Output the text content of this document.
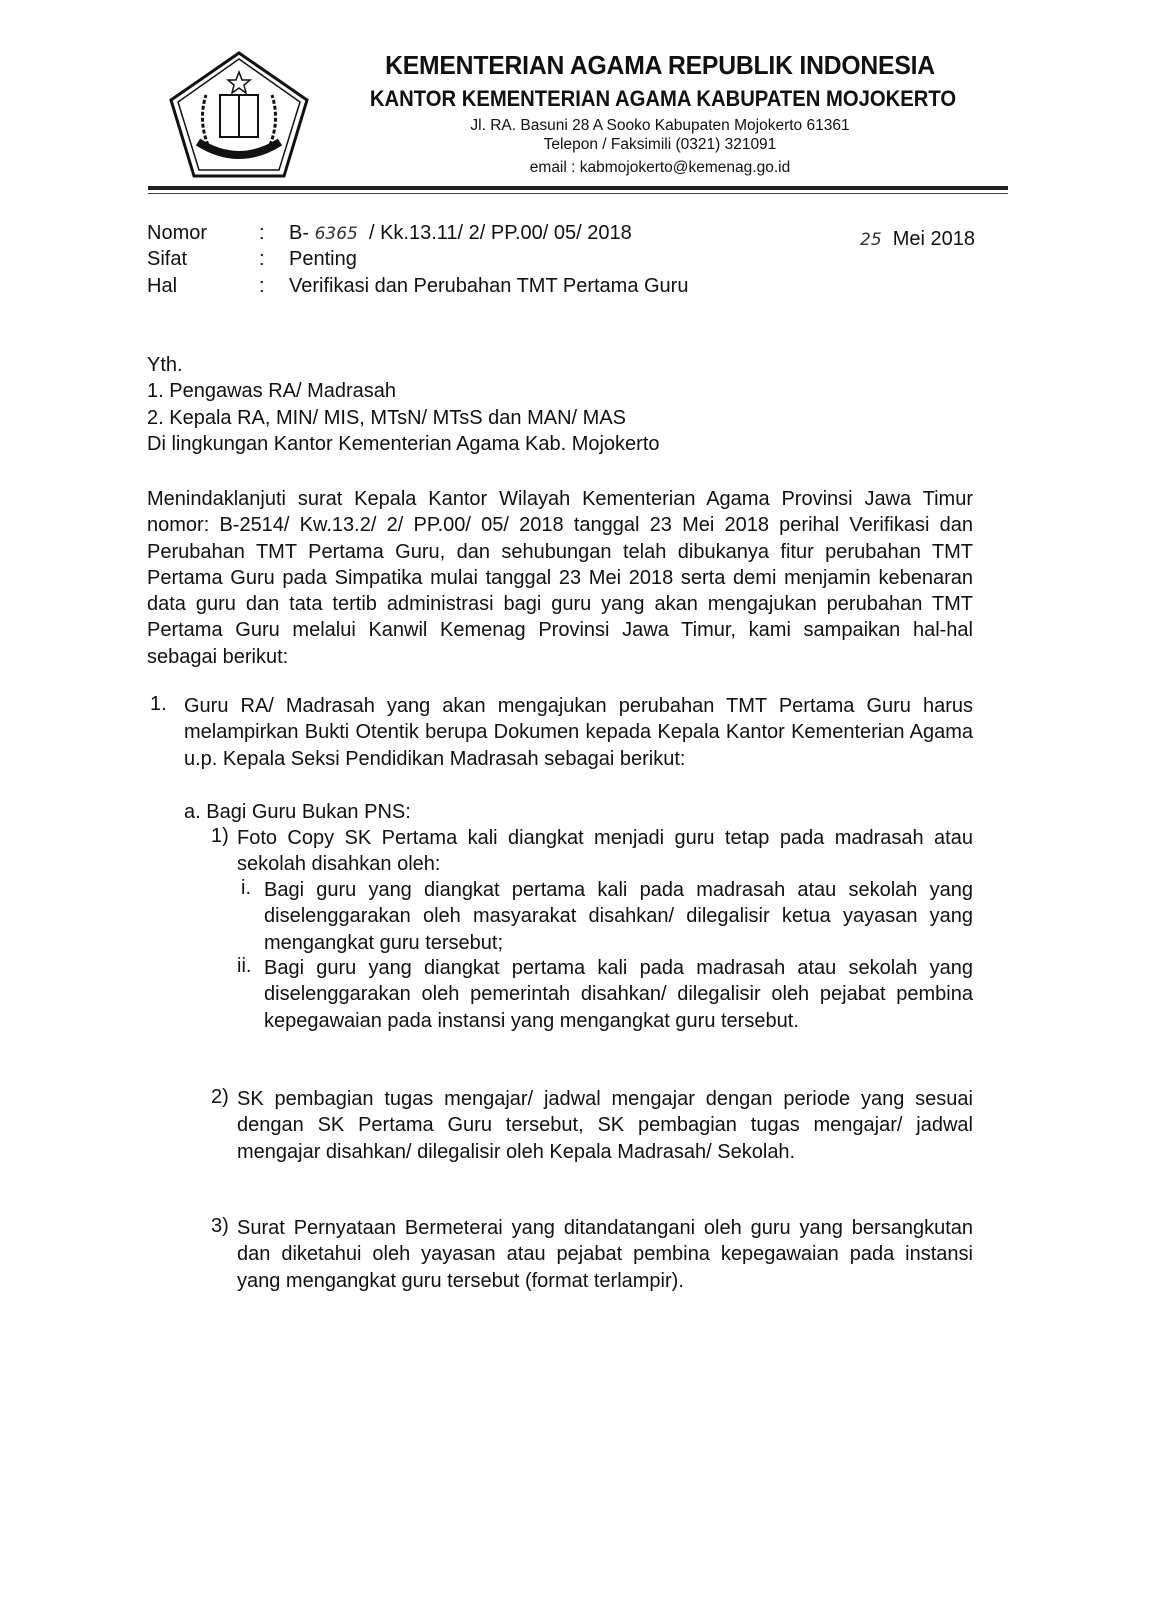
KEMENTERIAN AGAMA REPUBLIK INDONESIA
KANTOR KEMENTERIAN AGAMA KABUPATEN MOJOKERTO
Jl. RA. Basuni 28 A Sooko Kabupaten Mojokerto 61361
Telepon / Faksimili (0321) 321091
email : kabmojokerto@kemenag.go.id
Nomor	: B- 6365 / Kk.13.11/ 2/ PP.00/ 05/ 2018
Sifat	: Penting
Hal	: Verifikasi dan Perubahan TMT Pertama Guru
25 Mei 2018
Yth.
1. Pengawas RA/ Madrasah
2. Kepala RA, MIN/ MIS, MTsN/ MTsS dan MAN/ MAS
Di lingkungan Kantor Kementerian Agama Kab. Mojokerto
Menindaklanjuti surat Kepala Kantor Wilayah Kementerian Agama Provinsi Jawa Timur nomor: B-2514/ Kw.13.2/ 2/ PP.00/ 05/ 2018 tanggal 23 Mei 2018 perihal Verifikasi dan Perubahan TMT Pertama Guru, dan sehubungan telah dibukanya fitur perubahan TMT Pertama Guru pada Simpatika mulai tanggal 23 Mei 2018 serta demi menjamin kebenaran data guru dan tata tertib administrasi bagi guru yang akan mengajukan perubahan TMT Pertama Guru melalui Kanwil Kemenag Provinsi Jawa Timur, kami sampaikan hal-hal sebagai berikut:
1. Guru RA/ Madrasah yang akan mengajukan perubahan TMT Pertama Guru harus melampirkan Bukti Otentik berupa Dokumen kepada Kepala Kantor Kementerian Agama u.p. Kepala Seksi Pendidikan Madrasah sebagai berikut:
a. Bagi Guru Bukan PNS:
1) Foto Copy SK Pertama kali diangkat menjadi guru tetap pada madrasah atau sekolah disahkan oleh:
i. Bagi guru yang diangkat pertama kali pada madrasah atau sekolah yang diselenggarakan oleh masyarakat disahkan/ dilegalisir ketua yayasan yang mengangkat guru tersebut;
ii. Bagi guru yang diangkat pertama kali pada madrasah atau sekolah yang diselenggarakan oleh pemerintah disahkan/ dilegalisir oleh pejabat pembina kepegawaian pada instansi yang mengangkat guru tersebut.
2) SK pembagian tugas mengajar/ jadwal mengajar dengan periode yang sesuai dengan SK Pertama Guru tersebut, SK pembagian tugas mengajar/ jadwal mengajar disahkan/ dilegalisir oleh Kepala Madrasah/ Sekolah.
3) Surat Pernyataan Bermeterai yang ditandatangani oleh guru yang bersangkutan dan diketahui oleh yayasan atau pejabat pembina kepegawaian pada instansi yang mengangkat guru tersebut (format terlampir).
